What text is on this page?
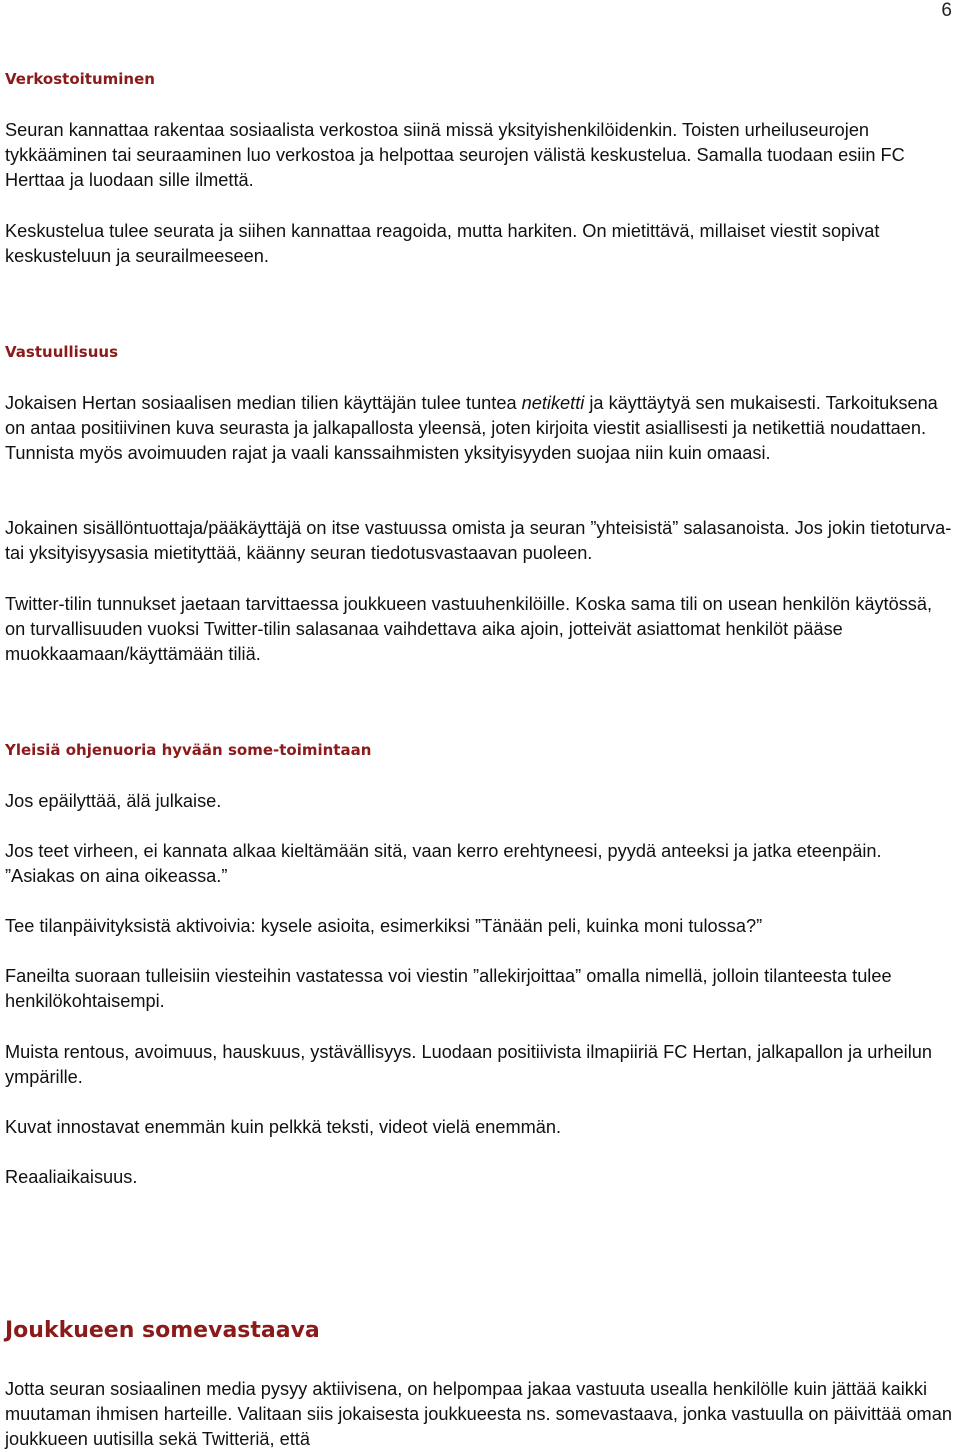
6
Verkostoituminen

Seuran kannattaa rakentaa sosiaalista verkostoa siinä missä yksityishenkilöidenkin. Toisten urheiluseurojen tykkääminen tai seuraaminen luo verkostoa ja helpottaa seurojen välistä keskustelua. Samalla tuodaan esiin FC Herttaa ja luodaan sille ilmettä.

Keskustelua tulee seurata ja siihen kannattaa reagoida, mutta harkiten. On mietittävä, millaiset viestit sopivat keskusteluun ja seurailmeeseen.

Vastuullisuus

Jokaisen Hertan sosiaalisen median tilien käyttäjän tulee tuntea netiketti ja käyttäytyä sen mukaisesti. Tarkoituksena on antaa positiivinen kuva seurasta ja jalkapallosta yleensä, joten kirjoita viestit asiallisesti ja netikettiä noudattaen. Tunnista myös avoimuuden rajat ja vaali kanssaihmisten yksityisyyden suojaa niin kuin omaasi.

Jokainen sisällöntuottaja/pääkäyttäjä on itse vastuussa omista ja seuran ”yhteisistä” salasanoista. Jos jokin tietoturva- tai yksityisyysasia mietityttää, käänny seuran tiedotusvastaavan puoleen.

Twitter-tilin tunnukset jaetaan tarvittaessa joukkueen vastuuhenkilöille. Koska sama tili on usean henkilön käytössä, on turvallisuuden vuoksi Twitter-tilin salasanaa vaihdettava aika ajoin, jotteivät asiattomat henkilöt pääse muokkaamaan/käyttämään tiliä.

Yleisiä ohjenuoria hyvään some-toimintaan

Jos epäilyttää, älä julkaise.

Jos teet virheen, ei kannata alkaa kieltämään sitä, vaan kerro erehtyneesi, pyydä anteeksi ja jatka eteenpäin. ”Asiakas on aina oikeassa.”

Tee tilanpäivityksistä aktivoivia: kysele asioita, esimerkiksi ”Tänään peli, kuinka moni tulossa?”

Faneilta suoraan tulleisiin viesteihin vastatessa voi viestin ”allekirjoittaa” omalla nimellä, jolloin tilanteesta tulee henkilökohtaisempi.

Muista rentous, avoimuus, hauskuus, ystävällisyys. Luodaan positiivista ilmapiiriä FC Hertan, jalkapallon ja urheilun ympärille.

Kuvat innostavat enemmän kuin pelkkä teksti, videot vielä enemmän.

Reaaliaikaisuus.

Joukkueen somevastaava

Jotta seuran sosiaalinen media pysyy aktiivisena, on helpompaa jakaa vastuuta usealla henkilölle kuin jättää kaikki muutaman ihmisen harteille. Valitaan siis jokaisesta joukkueesta ns. somevastaava, jonka vastuulla on päivittää oman joukkueen uutisilla sekä Twitteriä, että
